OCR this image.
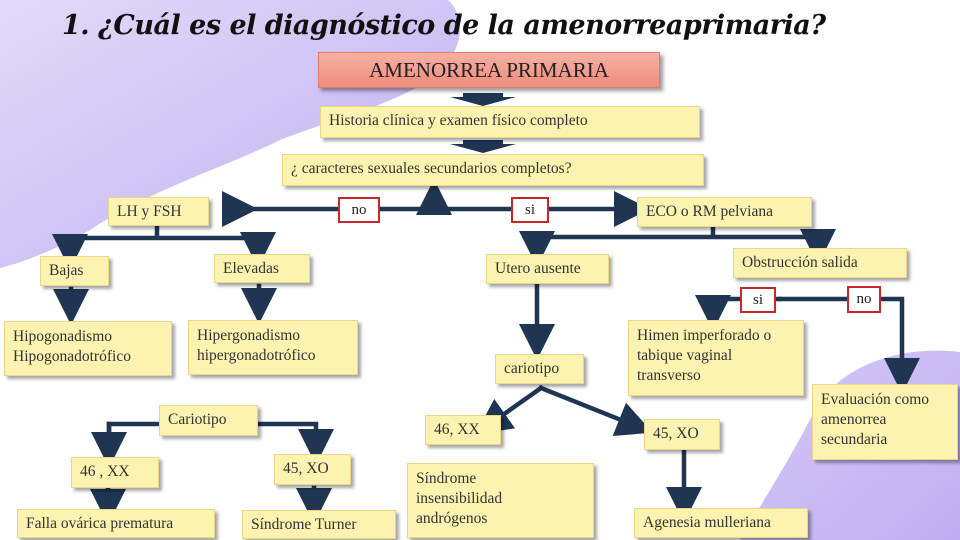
1. ¿Cuál es el diagnóstico de la amenorreaprimaria?
AMENORREA PRIMARIA
Historia clínica y examen físico completo
¿ caracteres sexuales secundarios completos?
LH y FSH	ECO o RM pelviana
no	si
Bajas	Elevadas	Utero ausente	Obstrucción salida
si	no
Hipogonadismo Hipogonadotrófico
Hipergonadismo hipergonadotrófico
Himen imperforado o tabique vaginal transverso
Evaluación como amenorrea secundaria
cariotipo
Cariotipo
46, XX	45, XO
46 , XX	45, XO
Síndrome insensibilidad andrógenos
Falla ovárica prematura	Síndrome Turner	Agenesia mulleriana
